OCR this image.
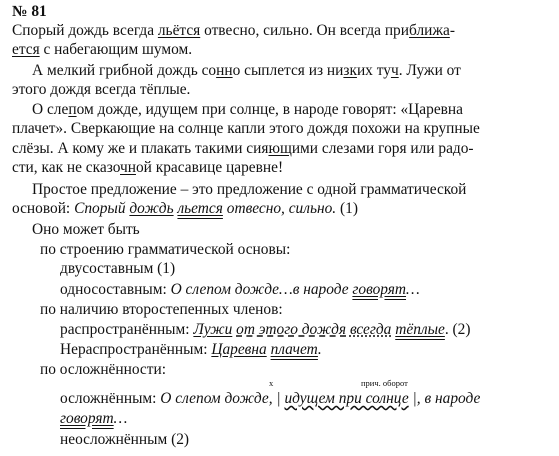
№ 81
Спорый дождь всегда льётся отвесно, сильно. Он всегда приближа-
ется с набегающим шумом.
А мелкий грибной дождь сонно сыплется из низких туч. Лужи от
этого дождя всегда тёплые.
О слепом дожде, идущем при солнце, в народе говорят: «Царевна
плачет». Сверкающие на солнце капли этого дождя похожи на крупные
слёзы. А кому же и плакать такими сияющими слезами горя или радо-
сти, как не сказочной красавице царевне!
Простое предложение – это предложение с одной грамматической
основой: Спорый дождь льется отвесно, сильно. (1)
Оно может быть
по строению грамматической основы:
двусоставным (1)
односоставным: О слепом дожде…в народе говорят…
по наличию второстепенных членов:
распространённым: Лужи от этого дождя всегда тёплые. (2)
Нераспространённым: Царевна плачет.
по осложнённости:
х	прич. оборот
осложнённым: О слепом дожде, | идущем при солнце |, в народе
говорят…
неосложнённым (2)
